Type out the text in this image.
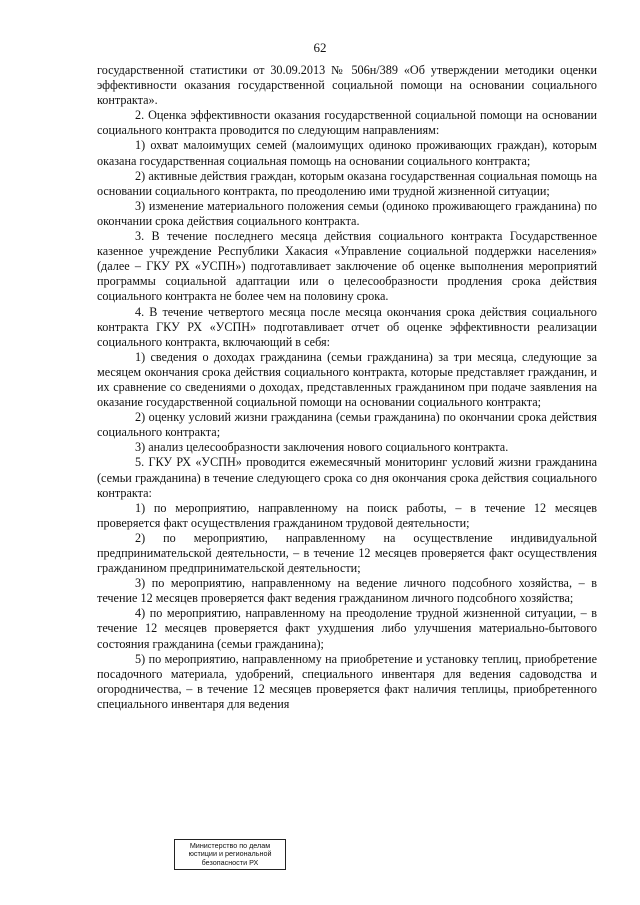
62

государственной статистики от 30.09.2013 № 506н/389 «Об утверждении методики оценки эффективности оказания государственной социальной помощи на основании социального контракта».

2. Оценка эффективности оказания государственной социальной помощи на основании социального контракта проводится по следующим направлениям:

1) охват малоимущих семей (малоимущих одиноко проживающих граждан), которым оказана государственная социальная помощь на основании социального контракта;

2) активные действия граждан, которым оказана государственная социальная помощь на основании социального контракта, по преодолению ими трудной жизненной ситуации;

3) изменение материального положения семьи (одиноко проживающего гражданина) по окончании срока действия социального контракта.

3. В течение последнего месяца действия социального контракта Государственное казенное учреждение Республики Хакасия «Управление социальной поддержки населения» (далее – ГКУ РХ «УСПН») подготавливает заключение об оценке выполнения мероприятий программы социальной адаптации или о целесообразности продления срока действия социального контракта не более чем на половину срока.

4. В течение четвертого месяца после месяца окончания срока действия социального контракта ГКУ РХ «УСПН» подготавливает отчет об оценке эффективности реализации социального контракта, включающий в себя:

1) сведения о доходах гражданина (семьи гражданина) за три месяца, следующие за месяцем окончания срока действия социального контракта, которые представляет гражданин, и их сравнение со сведениями о доходах, представленных гражданином при подаче заявления на оказание государственной социальной помощи на основании социального контракта;

2) оценку условий жизни гражданина (семьи гражданина) по окончании срока действия социального контракта;

3) анализ целесообразности заключения нового социального контракта.

5. ГКУ РХ «УСПН» проводится ежемесячный мониторинг условий жизни гражданина (семьи гражданина) в течение следующего срока со дня окончания срока действия социального контракта:

1) по мероприятию, направленному на поиск работы, – в течение 12 месяцев проверяется факт осуществления гражданином трудовой деятельности;

2) по мероприятию, направленному на осуществление индивидуальной предпринимательской деятельности, – в течение 12 месяцев проверяется факт осуществления гражданином предпринимательской деятельности;

3) по мероприятию, направленному на ведение личного подсобного хозяйства, – в течение 12 месяцев проверяется факт ведения гражданином личного подсобного хозяйства;

4) по мероприятию, направленному на преодоление трудной жизненной ситуации, – в течение 12 месяцев проверяется факт ухудшения либо улучшения материально-бытового состояния гражданина (семьи гражданина);

5) по мероприятию, направленному на приобретение и установку теплиц, приобретение посадочного материала, удобрений, специального инвентаря для ведения садоводства и огородничества, – в течение 12 месяцев проверяется факт наличия теплицы, приобретенного специального инвентаря для ведения

Министерство по делам
юстиции и региональной
безопасности РХ
